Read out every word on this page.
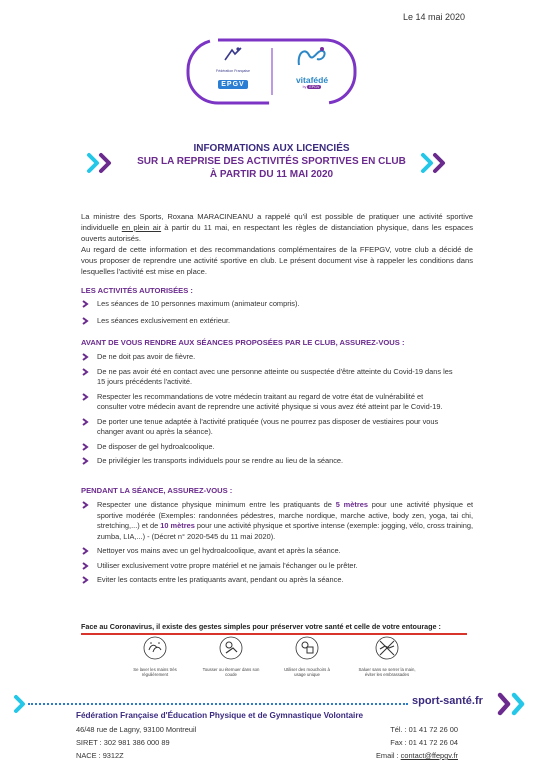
Le 14 mai 2020
Fédération Française
EPGV	vitafédé
by EPGV
INFORMATIONS AUX LICENCIÉS
SUR LA REPRISE DES ACTIVITÉS SPORTIVES EN CLUB
À PARTIR DU 11 MAI 2020

La ministre des Sports, Roxana MARACINEANU a rappelé qu'il est possible de pratiquer une activité sportive individuelle en plein air à partir du 11 mai, en respectant les règles de distanciation physique, dans les espaces ouverts autorisés.

Au regard de cette information et des recommandations complémentaires de la FFEPGV, votre club a décidé de vous proposer de reprendre une activité sportive en club. Le présent document vise à rappeler les conditions dans lesquelles l'activité est mise en place.

LES ACTIVITÉS AUTORISÉES :
Les séances de 10 personnes maximum (animateur compris).
Les séances exclusivement en extérieur.
AVANT DE VOUS RENDRE AUX SÉANCES PROPOSÉES PAR LE CLUB, ASSUREZ-VOUS :
De ne doit pas avoir de fièvre.
De ne pas avoir été en contact avec une personne atteinte ou suspectée d'être atteinte du Covid-19 dans les 15 jours précédents l'activité.
Respecter les recommandations de votre médecin traitant au regard de votre état de vulnérabilité et consulter votre médecin avant de reprendre une activité physique si vous avez été atteint par le Covid-19.
De porter une tenue adaptée à l'activité pratiquée (vous ne pourrez pas disposer de vestiaires pour vous changer avant ou après la séance).
De disposer de gel hydroalcoolique.
De privilégier les transports individuels pour se rendre au lieu de la séance.
PENDANT LA SÉANCE, ASSUREZ-VOUS :
Respecter une distance physique minimum entre les pratiquants de 5 mètres pour une activité physique et sportive modérée (Exemples: randonnées pédestres, marche nordique, marche active, body zen, yoga, tai chi, stretching,...) et de 10 mètres pour une activité physique et sportive intense (exemple: jogging, vélo, cross training, zumba, LIA,...) - (Décret n° 2020-545 du 11 mai 2020).
Nettoyer vos mains avec un gel hydroalcoolique, avant et après la séance.
Utiliser exclusivement votre propre matériel et ne jamais l'échanger ou le prêter.
Eviter les contacts entre les pratiquants avant, pendant ou après la séance.
Face au Coronavirus, il existe des gestes simples pour préserver votre santé et celle de votre entourage :
Se laver les mains très régulièrement
Tousser ou éternuer dans son coude
Utiliser des mouchoirs à usage unique
Saluer sans se serrer la main, éviter les embrassades
sport-santé.fr
Fédération Française d'Éducation Physique et de Gymnastique Volontaire
46/48 rue de Lagny, 93100 Montreuil
SIRET : 302 981 386 000 89
NACE : 9312Z
Tél. : 01 41 72 26 00
Fax : 01 41 72 26 04
Email : contact@ffepgv.fr
